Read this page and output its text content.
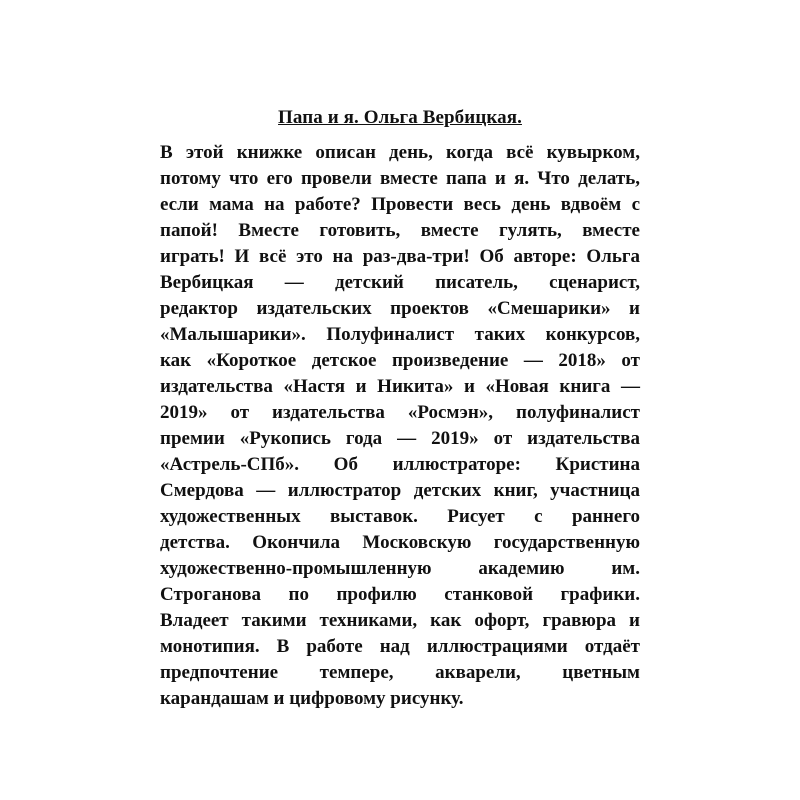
Папа и я. Ольга Вербицкая.
В этой книжке описан день, когда всё кувырком,
потому что его провели вместе папа и я. Что делать,
если мама на работе? Провести весь день вдвоём с
папой! Вместе готовить, вместе гулять, вместе
играть! И всё это на раз-два-три! Об авторе: Ольга
Вербицкая — детский писатель, сценарист,
редактор издательских проектов «Смешарики» и
«Малышарики». Полуфиналист таких конкурсов,
как «Короткое детское произведение — 2018» от
издательства «Настя и Никита» и «Новая книга —
2019» от издательства «Росмэн», полуфиналист
премии «Рукопись года — 2019» от издательства
«Астрель-СПб». Об иллюстраторе: Кристина
Смердова — иллюстратор детских книг, участница
художественных выставок. Рисует с раннего
детства. Окончила Московскую государственную
художественно-промышленную академию им.
Строганова по профилю станковой графики.
Владеет такими техниками, как офорт, гравюра и
монотипия. В работе над иллюстрациями отдаёт
предпочтение темпере, акварели, цветным
карандашам и цифровому рисунку.
